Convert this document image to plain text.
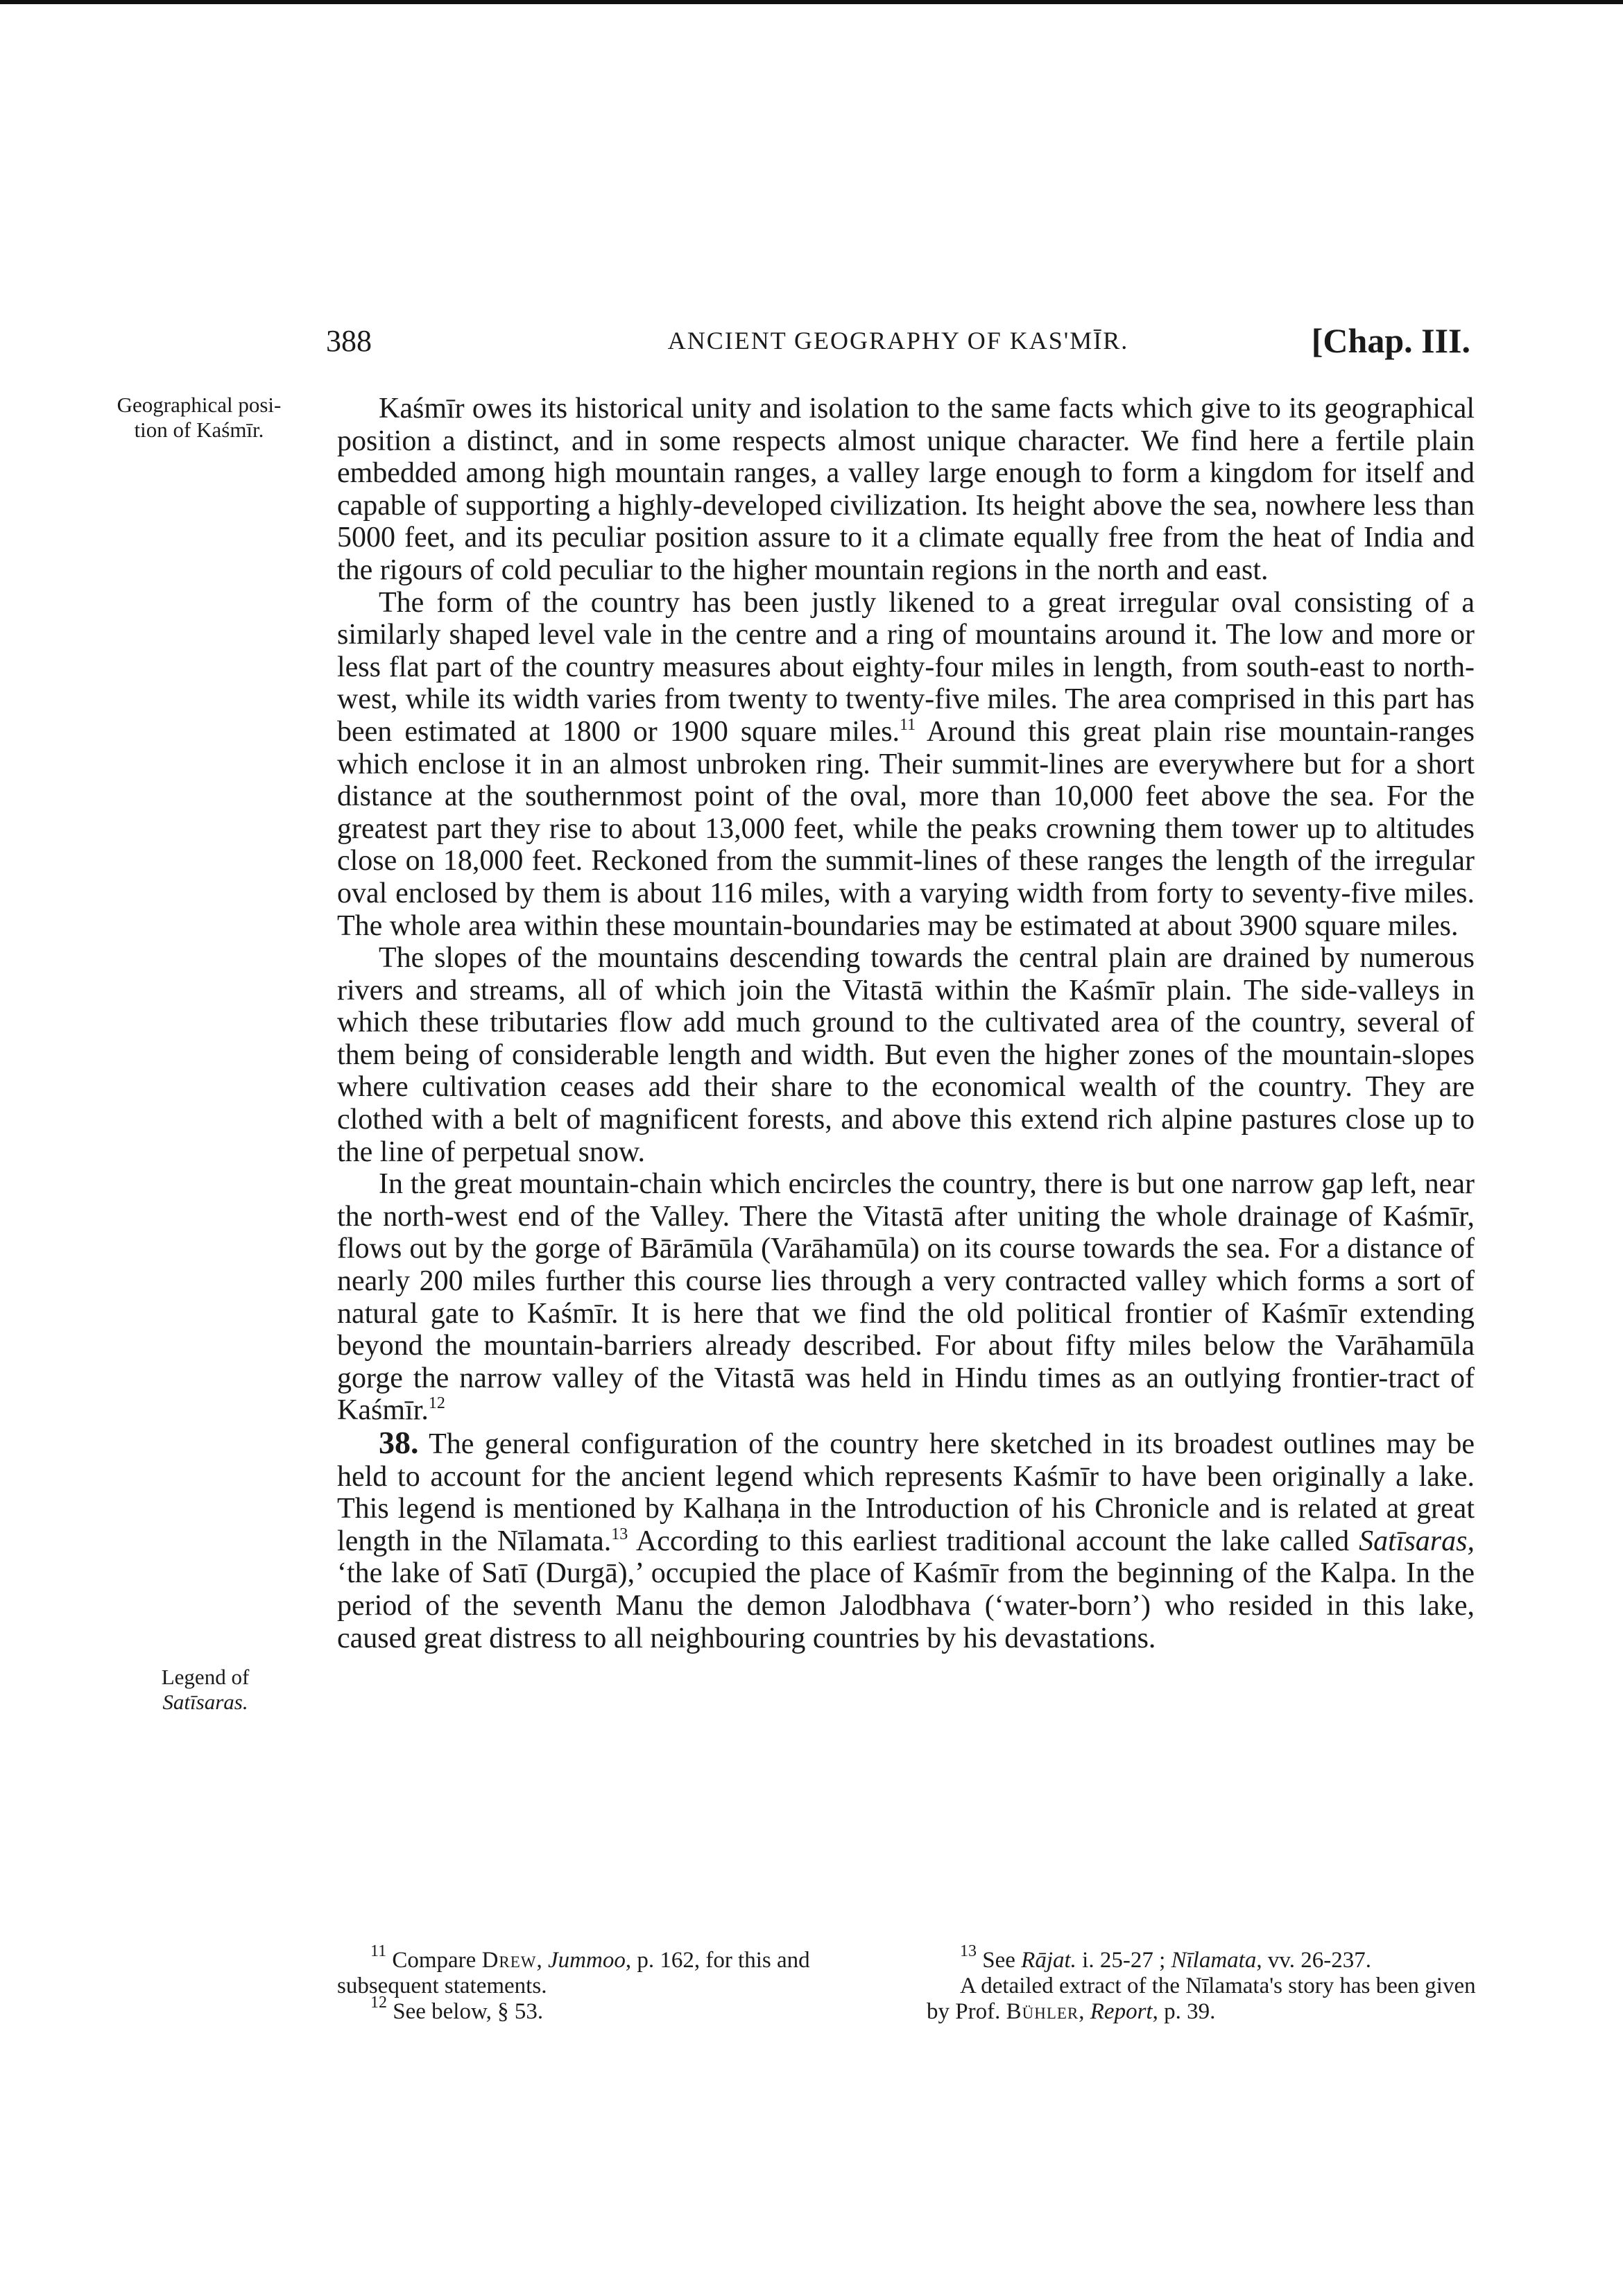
388	ANCIENT GEOGRAPHY OF KAS'MĪR.	[Chap. III.
Geographical posi-
tion of Kaśmīr.
Legend of
Satīsaras.

Kaśmīr owes its historical unity and isolation to the same facts which give to its geographical position a distinct, and in some respects almost unique character. We find here a fertile plain embedded among high mountain ranges, a valley large enough to form a kingdom for itself and capable of supporting a highly-developed civilization. Its height above the sea, nowhere less than 5000 feet, and its peculiar position assure to it a climate equally free from the heat of India and the rigours of cold peculiar to the higher mountain regions in the north and east.

The form of the country has been justly likened to a great irregular oval consisting of a similarly shaped level vale in the centre and a ring of mountains around it. The low and more or less flat part of the country measures about eighty-four miles in length, from south-east to north-west, while its width varies from twenty to twenty-five miles. The area comprised in this part has been estimated at 1800 or 1900 square miles.$^{11}$ Around this great plain rise mountain-ranges which enclose it in an almost unbroken ring. Their summit-lines are everywhere but for a short distance at the southernmost point of the oval, more than 10,000 feet above the sea. For the greatest part they rise to about 13,000 feet, while the peaks crowning them tower up to altitudes close on 18,000 feet. Reckoned from the summit-lines of these ranges the length of the irregular oval enclosed by them is about 116 miles, with a varying width from forty to seventy-five miles. The whole area within these mountain-boundaries may be estimated at about 3900 square miles.

The slopes of the mountains descending towards the central plain are drained by numerous rivers and streams, all of which join the Vitastā within the Kaśmīr plain. The side-valleys in which these tributaries flow add much ground to the cultivated area of the country, several of them being of considerable length and width. But even the higher zones of the mountain-slopes where cultivation ceases add their share to the economical wealth of the country. They are clothed with a belt of magnificent forests, and above this extend rich alpine pastures close up to the line of perpetual snow.

In the great mountain-chain which encircles the country, there is but one narrow gap left, near the north-west end of the Valley. There the Vitastā after uniting the whole drainage of Kaśmīr, flows out by the gorge of Bārāmūla (Varāhamūla) on its course towards the sea. For a distance of nearly 200 miles further this course lies through a very contracted valley which forms a sort of natural gate to Kaśmīr. It is here that we find the old political frontier of Kaśmīr extending beyond the mountain-barriers already described. For about fifty miles below the Varāhamūla gorge the narrow valley of the Vitastā was held in Hindu times as an outlying frontier-tract of Kaśmīr.$^{12}$

38. The general configuration of the country here sketched in its broadest outlines may be held to account for the ancient legend which represents Kaśmīr to have been originally a lake. This legend is mentioned by Kalhaṇa in the Introduction of his Chronicle and is related at great length in the Nīlamata.$^{13}$ According to this earliest traditional account the lake called Satīsaras, ‘the lake of Satī (Durgā),’ occupied the place of Kaśmīr from the beginning of the Kalpa. In the period of the seventh Manu the demon Jalodbhava (‘water-born’) who resided in this lake, caused great distress to all neighbouring countries by his devastations.

$^{11}$ Compare Drew, Jummoo, p. 162, for this and subsequent statements.

$^{12}$ See below, § 53.

$^{13}$ See Rājat. i. 25-27 ; Nīlamata, vv. 26-237.

A detailed extract of the Nīlamata's story has been given by Prof. Bühler, Report, p. 39.
